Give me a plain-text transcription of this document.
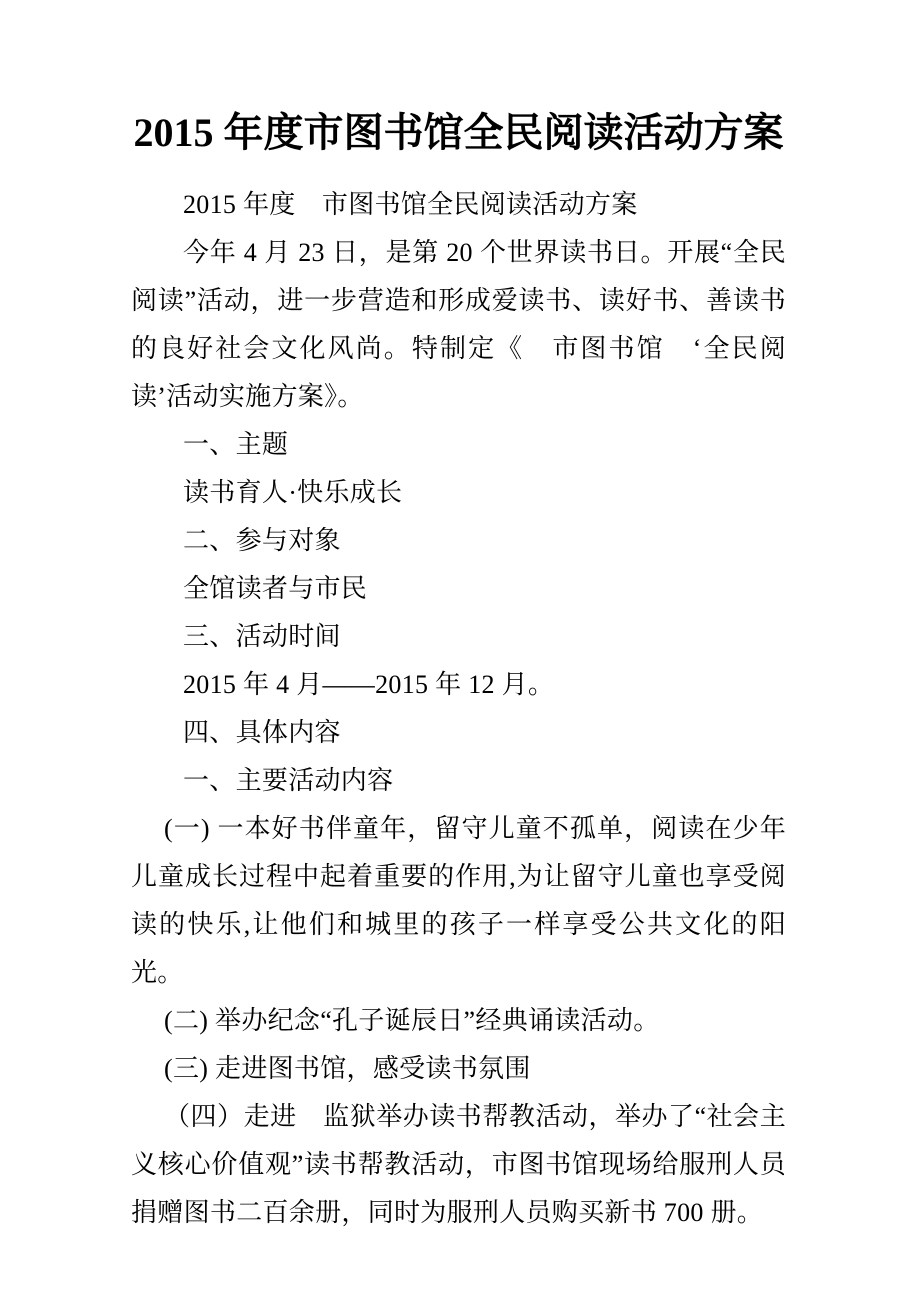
2015 年度市图书馆全民阅读活动方案

2015 年度　市图书馆全民阅读活动方案

今年 4 月 23 日，是第 20 个世界读书日。开展“全民阅读”活动，进一步营造和形成爱读书、读好书、善读书的良好社会文化风尚。特制定《　市图书馆　‘全民阅读’活动实施方案》。

一、主题

读书育人·快乐成长

二、参与对象

全馆读者与市民

三、活动时间

2015 年 4 月——2015 年 12 月。

四、具体内容

一、主要活动内容

(一) 一本好书伴童年，留守儿童不孤单，阅读在少年儿童成长过程中起着重要的作用,为让留守儿童也享受阅读的快乐,让他们和城里的孩子一样享受公共文化的阳光。

(二) 举办纪念“孔子诞辰日”经典诵读活动。

(三) 走进图书馆，感受读书氛围

（四）走进　监狱举办读书帮教活动，举办了“社会主义核心价值观”读书帮教活动，市图书馆现场给服刑人员捐赠图书二百余册，同时为服刑人员购买新书 700 册。
